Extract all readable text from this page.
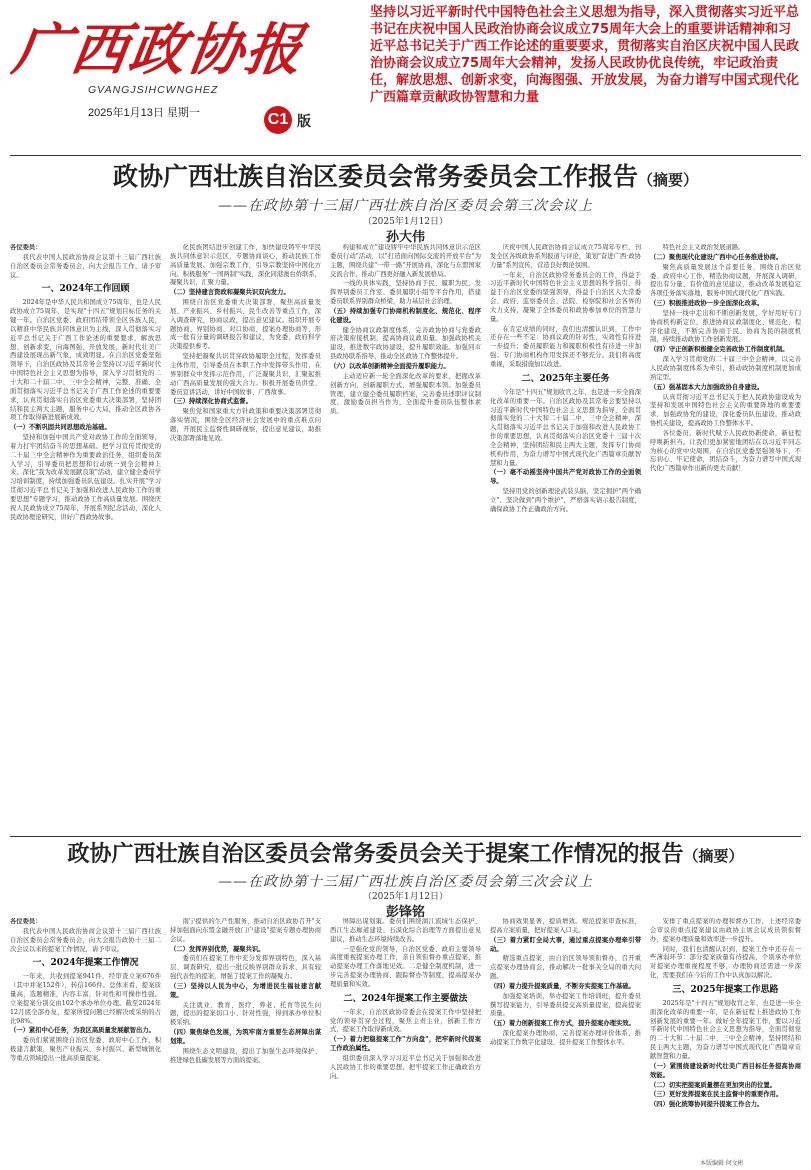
广西政协报
GVANGJSIHCWNGHEZ
2025年1月13日 星期一	C1 版
坚持以习近平新时代中国特色社会主义思想为指导，深入贯彻落实习近平总书记在庆祝中国人民政治协商会议成立75周年大会上的重要讲话精神和习近平总书记关于广西工作论述的重要要求，贯彻落实自治区庆祝中国人民政治协商会议成立75周年大会精神，发扬人民政协优良传统，牢记政治责任，解放思想、创新求变，向海图强、开放发展，为奋力谱写中国式现代化广西篇章贡献政协智慧和力量
政协广西壮族自治区委员会常务委员会工作报告（摘要）
——在政协第十三届广西壮族自治区委员会第三次会议上
（2025年1月12日）
孙大伟

各位委员：

我代表中国人民政治协商会议第十三届广西壮族自治区委员会常务委员会，向大会报告工作，请予审议。

一、2024年工作回顾

2024年是中华人民共和国成立75周年，也是人民政协成立75周年，是实现"十四五"规划目标任务的关键一年。自治区党委、政府团结带领全区各族人民，以精准中华民族共同体意识为主线，深入贯彻落实习近平总书记关于广西工作论述的重要要求，解放思想、创新求变，向海图强、开放发展，新时代壮美广西建设展现出新气象，成效明显。在自治区党委坚强领导下，自治区政协及其常务会坚持以习近平新时代中国特色社会主义思想为指导，深入学习贯彻党的二十大和二十届二中、三中全会精神，完整、准确、全面贯彻落实习近平总书记关于广西工作论述的重要要求，认真贯彻落实自治区党委重大决策部署，坚持团结和民主两大主题，服务中心大局，推动全区政协各项工作取得新进展新成效。

（一）不断巩固共同思想政治基础。

坚持和加强中国共产党对政协工作的全面领导，着力打牢团结奋斗的思想基础。把学习宣传贯彻党的二十届三中全会精神作为重要政治任务，组织委员深入学习，引导委员把思想和行动统一到全会精神上来。深化"我为改革发展献良策"活动，建立健全委员学习培训制度，持续加强委员队伍建设。扎实开展"学习贯彻习近平总书记关于加强和改进人民政协工作的重要思想"专题学习，推动政协工作高质量发展。围绕庆祝人民政协成立75周年，开展系列纪念活动，深化人民政协理论研究，讲好广西政协故事。

化民族团结进步创建工作，加快建设铸牢中华民族共同体意识示范区，专题协商谈心，推动民族工作高质量发展。加强宗教工作，引导宗教坚持中国化方向。积极服务"一国两制"实践，深化同港澳台侨联系，凝聚共识，汇聚力量。

（二）坚持建言资政和凝聚共识双向发力。

围绕自治区党委重大决策部署，聚焦高质量发展、产业振兴、乡村振兴、民生改善等重点工作，深入调查研究，协商议政，提出意见建议。组织开展专题协商、界别协商、对口协商、提案办理协商等，形成一批有分量的调研报告和建议，为党委、政府科学决策提供参考。

坚持把凝聚共识贯穿政协履职全过程，发挥委员主体作用，引导委员在本职工作中发挥带头作用，在界别群众中发挥示范作用，广泛凝聚共识，汇聚起推动广西高质量发展的强大合力。积极开展委员讲堂、委员宣讲活动，讲好中国故事、广西故事。

（三）持续深化协商式监督。

聚焦党和国家重大方针政策和重要决策部署贯彻落实情况，围绕全区经济社会发展中的重点难点问题，开展民主监督性调研视察，提出意见建议，助推决策部署落地见效。

构建和成立"建设铸牢中华民族共同体意识示范区 委员行动"活动，以"打造面向国际交流的开放平台"为主题，围绕共建"一带一路"开展协商，深化与东盟国家交流合作，推动广西更好融入新发展格局。

一线的具体实践，坚持协商于民、履职为民，发挥界别委员工作室、委员履职小组等平台作用，搭建委员联系界别群众桥梁，助力基层社会治理。

（五）持续加强专门协商机构制度化、规范化、程序化建设。

健全协商议政制度体系，完善政协协商与党委政府决策衔接机制，提高协商议政质量。加强政协机关建设，推进数字政协建设，提升履职效能。加强同市县政协联系指导，推动全区政协工作整体提升。

（六）以改革创新精神全面提升履职能力。

主动适应新一轮全面深化改革的要求，把握改革创新方向，创新履职方式，增强履职本领。加强委员管理，建立健全委员履职档案，完善委员述职评议制度，激励委员担当作为，全面提升委员队伍整体素质。

庆祝中国人民政治协商会议成立75周年专栏，刊发全区各级政协系列报道与评论，策划"奋进广西·政协力量"系列宣传，营造良好舆论氛围。

一年来，自治区政协常务委员会的工作，得益于习近平新时代中国特色社会主义思想的科学指引，得益于自治区党委的坚强领导，得益于自治区人大常委会、政府、监察委员会、法院、检察院和社会各界的大力支持，凝聚了全体委员和政协参加单位的智慧力量。

在肯定成绩的同时，我们也清醒认识到，工作中还存在一些不足：协商议政的针对性、实效性有待进一步提升；委员履职能力和履职积极性有待进一步加强；专门协商机构作用发挥还不够充分。我们将高度重视，采取措施加以改进。

二、2025年主要任务

今年是"十四五"规划收官之年，也是进一步全面深化改革的重要一年。自治区政协及其常务会要坚持以习近平新时代中国特色社会主义思想为指导，全面贯彻落实党的二十大和二十届二中、三中全会精神，深入贯彻落实习近平总书记关于加强和改进人民政协工作的重要思想，认真贯彻落实自治区党委十三届十次全会精神，坚持团结和民主两大主题，发挥专门协商机构作用，为奋力谱写中国式现代化广西篇章贡献智慧和力量。

（一）毫不动摇坚持中国共产党对政协工作的全面领导。

坚持用党的创新理论武装头脑，坚定拥护"两个确立"、坚决做到"两个维护"，严格落实请示报告制度，确保政协工作正确政治方向。

特色社会主义政治发展道路。

（二）聚焦现代化建设广西中心任务推进协商。

聚焦高质量发展这个首要任务，围绕自治区党委、政府中心工作，精选协商议题，开展深入调研，提出有分量、有价值的意见建议，推动改革发展稳定各项任务落实落地，服务中国式现代化广西实践。

（三）积极推进政协一步全面深化改革。

坚持一线中走出和不断创新发展，学好用好专门协商机构新定位，推进协商议政制度化、规范化、程序化建设，不断完善协商于民、协商为民的制度机制，持续推动政协工作创新发展。

（四）守正创新积极健全完善政协工作制度机制。

深入学习贯彻党的二十届三中全会精神，以完善人民政协制度体系为牵引，推动政协制度机制更加成熟定型。

（五）强基固本大力加强政协自身建设。

认真贯彻习近平总书记关于把人民政协建设成为坚持和发展中国特色社会主义的重要阵地的重要要求，加强政协党的建设，深化委员队伍建设，推动政协机关建设，提高政协工作整体水平。

各位委员，新时代赋予人民政协新使命，新征程呼唤新担当。让我们更加紧密地团结在以习近平同志为核心的党中央周围，在自治区党委坚强领导下，不忘初心、牢记使命，团结奋斗，为奋力谱写中国式现代化广西篇章作出新的更大贡献！

政协广西壮族自治区委员会常务委员会关于提案工作情况的报告（摘要）
——在政协第十三届广西壮族自治区委员会第三次会议上
（2025年1月12日）
彭锋铭

各位委员：

我代表中国人民政治协商会议第十三届广西壮族自治区委员会常务委员会，向大会报告政协十三届二次会议以来的提案工作情况，请予审议。

一、2024年提案工作情况

一年来，共收到提案941件，经审查立案676件（其中并案152件），转信166件。总体来看，提案质量高，选题精准，内容丰富，针对性和可操作性强。立案提案分别交由102个承办单位办理。截至2024年12月底全部办复，提案所提问题已经解决或采纳的占比98%。

（一）紧扣中心任务，为我区高质量发展献智出力。

委员们紧紧围绕自治区党委、政府中心工作，积极建言献策，聚焦产业振兴、乡村振兴、新型城镇化等重点领域提出一批高质量提案。

南宁提供的生产性服务，推动自治区政协召开"支持加强面向东盟金融开放门户建设"提案专题办理协商会议。

（二）发挥界别优势，凝聚共识。

委员们在提案工作中充分发挥界别特色，深入基层、调查研究，提出一批反映界别群众诉求、具有较强代表性的提案，增强了提案工作的凝聚力。

（三）坚持以人民为中心，为增进民生福祉建言献策。

关注就业、教育、医疗、养老、托育等民生问题，提出的提案切口小、针对性强，得到承办单位积极采纳。

（四）聚焦绿色发展，为筑牢南方重要生态屏障出谋划策。

围绕生态文明建设，提出了加强生态环境保护、推进绿色低碳发展等方面的提案。

屏障出谋划策。委员们围绕漓江流域生态保护、西江生态廊道建设、石漠化综合治理等方面提出意见建议，推动生态环境持续改善。

一是强化党的领导，自治区党委、政府主要领导高度重视提案办理工作，亲自领衔督办重点提案，推动提案办理工作落地见效。二是健全制度机制，进一步完善提案办理协商、跟踪督办等制度，提高提案办理质量和实效。

二、2024年提案工作主要做法

一年来，自治区政协常委会在提案工作中坚持把党的领导贯穿全过程，聚焦主责主业，创新工作方式，提案工作取得新成效。

（一）着力把稳提案工作"方向盘"，把牢新时代提案工作政治属性。

组织委员深入学习习近平总书记关于加强和改进人民政协工作的重要思想，把牢提案工作正确政治方向。

协商效果显著，提质增效。规范提案审查标准，提高立案质量，把好提案入口关。

（三）着力紧盯全局大事，通过重点提案办理牵引带动。

精选重点提案，由自治区领导领衔督办，召开重点提案办理协商会，推动解决一批事关全局的重大问题。

（四）着力提升提案质量，不断夯实提案工作基础。

加强提案培训，举办提案工作培训班，提升委员撰写提案能力，引导委员提交高质量提案，提高提案质量。

（五）着力创新提案工作方式，提升提案办理实效。

深化提案办理协商，完善提案办理评价体系，推动提案工作数字化建设，提升提案工作整体水平。

安排了重点提案的办理和督办工作，上述经常委会审议的重点提案建议由政协主席会议成员领衔督办，提案办理质量和效率进一步提升。

同时，我们也清醒认识到，提案工作中还存在一些薄弱环节：部分提案质量有待提高，个别承办单位对提案办理重视程度不够，办理协商还需进一步深化，需要我们在今后的工作中认真加以解决。

三、2025年提案工作思路

2025年是"十四五"规划收官之年，也是进一步全面深化改革的重要一年，是在新征程上推进政协工作创新发展的重要一年。做好全年提案工作，要以习近平新时代中国特色社会主义思想为指导，全面贯彻党的二十大和二十届二中、三中全会精神，坚持团结和民主两大主题，为奋力谱写中国式现代化广西篇章贡献智慧和力量。

（一）紧围绕建设新时代壮美广西目标任务提高协商效能。

（二）切实把提案质量摆在更加突出的位置。

（三）更好发挥提案在民主监督中的重要作用。

（四）强化统筹协同提升提案工作合力。

本版编辑 何文彬
